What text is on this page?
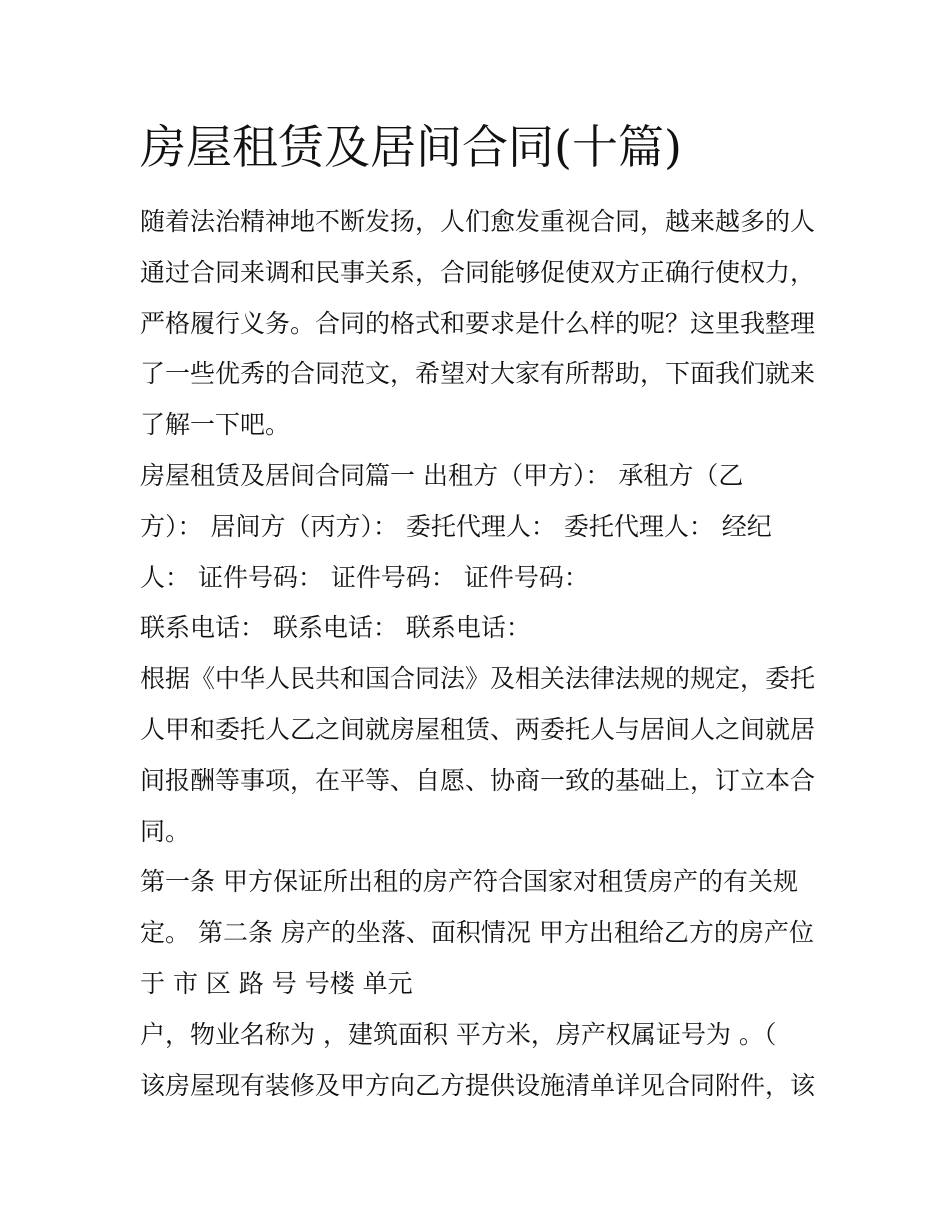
房屋租赁及居间合同(十篇)
随着法治精神地不断发扬，人们愈发重视合同，越来越多的人
通过合同来调和民事关系，合同能够促使双方正确行使权力，
严格履行义务。合同的格式和要求是什么样的呢？这里我整理
了一些优秀的合同范文，希望对大家有所帮助，下面我们就来
了解一下吧。
房屋租赁及居间合同篇一 出租方（甲方）： 承租方（乙
方）： 居间方（丙方）： 委托代理人： 委托代理人： 经纪
人： 证件号码： 证件号码： 证件号码：
联系电话： 联系电话： 联系电话：
根据《中华人民共和国合同法》及相关法律法规的规定，委托
人甲和委托人乙之间就房屋租赁、两委托人与居间人之间就居
间报酬等事项，在平等、自愿、协商一致的基础上，订立本合
同。
第一条 甲方保证所出租的房产符合国家对租赁房产的有关规
定。 第二条 房产的坐落、面积情况 甲方出租给乙方的房产位
于 市 区 路 号 号楼 单元
户，物业名称为 ，建筑面积 平方米，房产权属证号为 。（
该房屋现有装修及甲方向乙方提供设施清单详见合同附件，该
